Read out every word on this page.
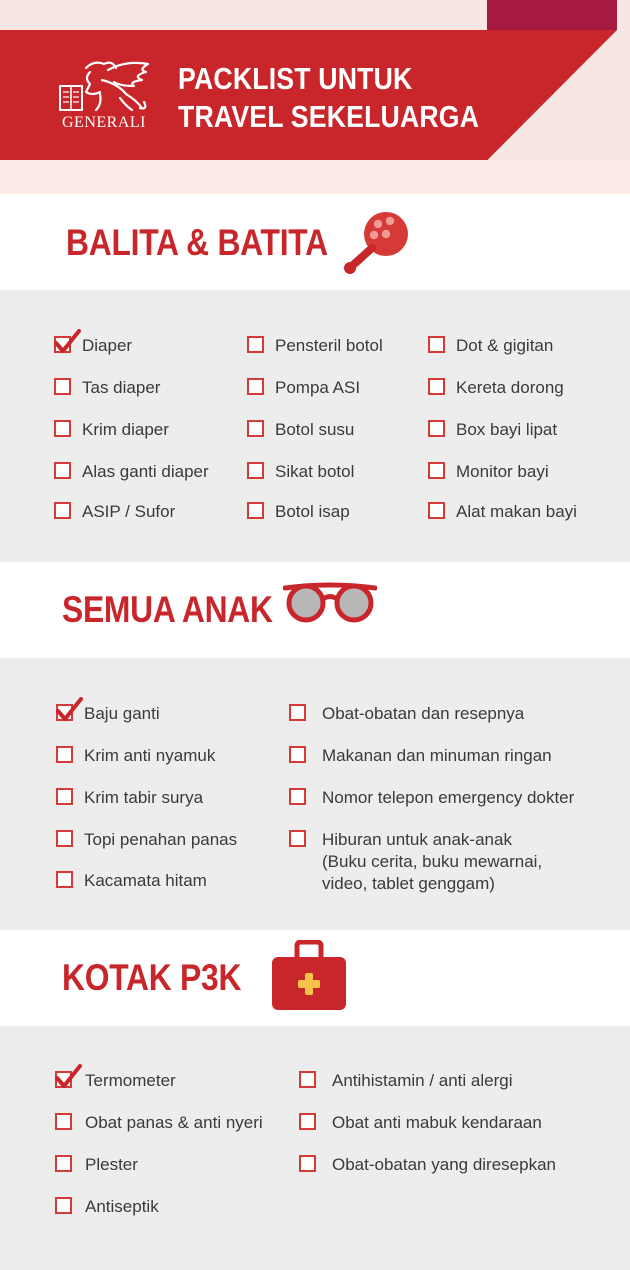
GENERALI
PACKLIST UNTUK
TRAVEL SEKELUARGA
BALITA & BATITA
Diaper
Tas diaper
Krim diaper
Alas ganti diaper
ASIP / Sufor
Pensteril botol
Pompa ASI
Botol susu
Sikat botol
Botol isap
Dot & gigitan
Kereta dorong
Box bayi lipat
Monitor bayi
Alat makan bayi
SEMUA ANAK
Baju ganti
Krim anti nyamuk
Krim tabir surya
Topi penahan panas
Kacamata hitam
Obat-obatan dan resepnya
Makanan dan minuman ringan
Nomor telepon emergency dokter
Hiburan untuk anak-anak
(Buku cerita, buku mewarnai,
video, tablet genggam)
KOTAK P3K
Termometer
Obat panas & anti nyeri
Plester
Antiseptik
Antihistamin / anti alergi
Obat anti mabuk kendaraan
Obat-obatan yang diresepkan
